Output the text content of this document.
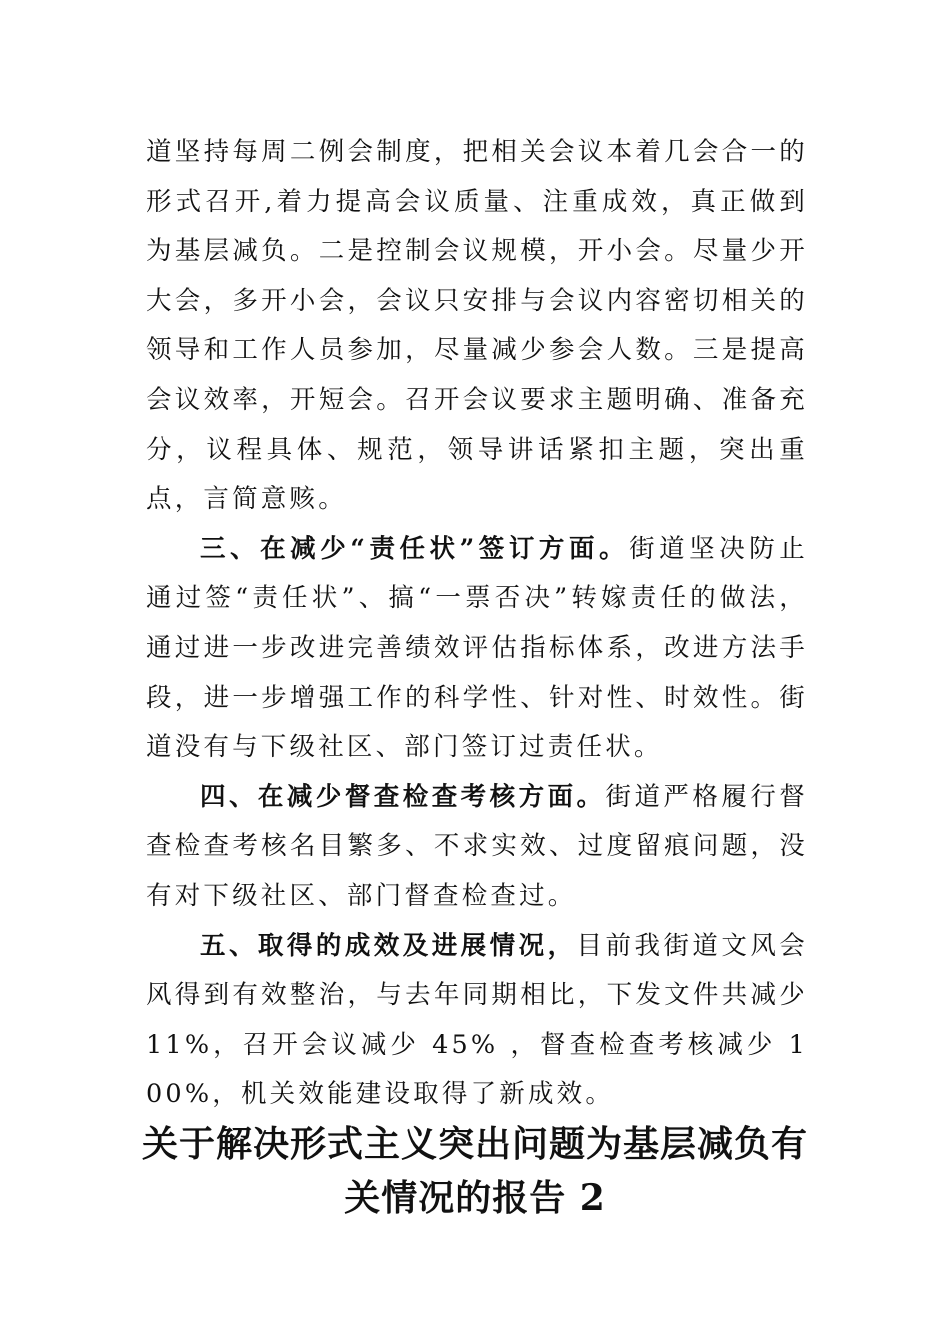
道坚持每周二例会制度，把相关会议本着几会合一的形式召开,着力提高会议质量、注重成效，真正做到为基层减负。二是控制会议规模，开小会。尽量少开大会，多开小会，会议只安排与会议内容密切相关的领导和工作人员参加，尽量减少参会人数。三是提高会议效率，开短会。召开会议要求主题明确、准备充分，议程具体、规范，领导讲话紧扣主题，突出重点，言简意赅。

三、在减少“责任状”签订方面。街道坚决防止通过签“责任状”、搞“一票否决”转嫁责任的做法，通过进一步改进完善绩效评估指标体系，改进方法手段，进一步增强工作的科学性、针对性、时效性。街道没有与下级社区、部门签订过责任状。

四、在减少督查检查考核方面。街道严格履行督查检查考核名目繁多、不求实效、过度留痕问题，没有对下级社区、部门督查检查过。

五、取得的成效及进展情况，目前我街道文风会风得到有效整治，与去年同期相比，下发文件共减少 11%，召开会议减少 45% ，督查检查考核减少 100%，机关效能建设取得了新成效。

关于解决形式主义突出问题为基层减负有
关情况的报告 2
